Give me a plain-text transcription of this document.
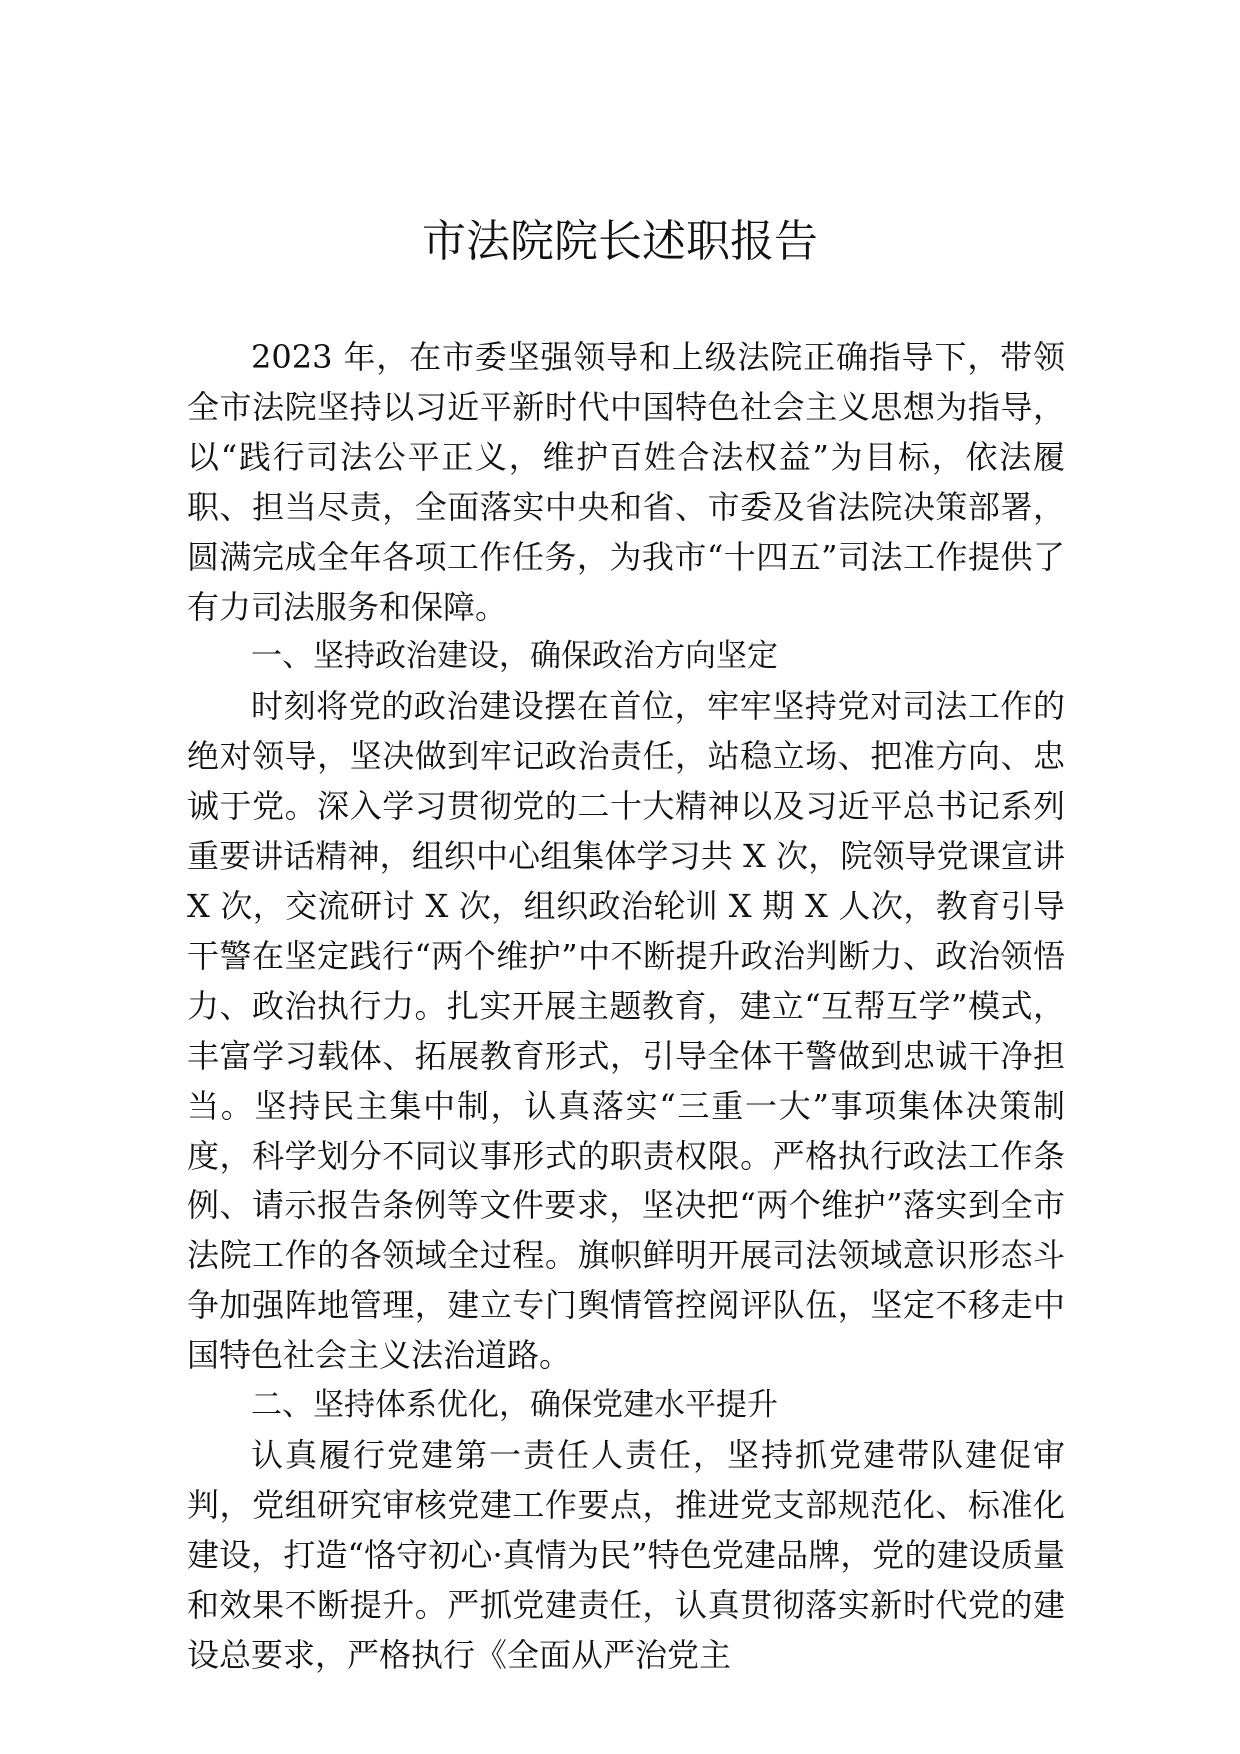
市法院院长述职报告

2023 年，在市委坚强领导和上级法院正确指导下，带领全市法院坚持以习近平新时代中国特色社会主义思想为指导，以“践行司法公平正义，维护百姓合法权益”为目标，依法履职、担当尽责，全面落实中央和省、市委及省法院决策部署，圆满完成全年各项工作任务，为我市“十四五”司法工作提供了有力司法服务和保障。

一、坚持政治建设，确保政治方向坚定

时刻将党的政治建设摆在首位，牢牢坚持党对司法工作的绝对领导，坚决做到牢记政治责任，站稳立场、把准方向、忠诚于党。深入学习贯彻党的二十大精神以及习近平总书记系列重要讲话精神，组织中心组集体学习共 X 次，院领导党课宣讲 X 次，交流研讨 X 次，组织政治轮训 X 期 X 人次，教育引导干警在坚定践行“两个维护”中不断提升政治判断力、政治领悟力、政治执行力。扎实开展主题教育，建立“互帮互学”模式，丰富学习载体、拓展教育形式，引导全体干警做到忠诚干净担当。坚持民主集中制，认真落实“三重一大”事项集体决策制度，科学划分不同议事形式的职责权限。严格执行政法工作条例、请示报告条例等文件要求，坚决把“两个维护”落实到全市法院工作的各领域全过程。旗帜鲜明开展司法领域意识形态斗争加强阵地管理，建立专门舆情管控阅评队伍，坚定不移走中国特色社会主义法治道路。

二、坚持体系优化，确保党建水平提升

认真履行党建第一责任人责任，坚持抓党建带队建促审判，党组研究审核党建工作要点，推进党支部规范化、标准化建设，打造“恪守初心·真情为民”特色党建品牌，党的建设质量和效果不断提升。严抓党建责任，认真贯彻落实新时代党的建设总要求，严格执行《全面从严治党主
